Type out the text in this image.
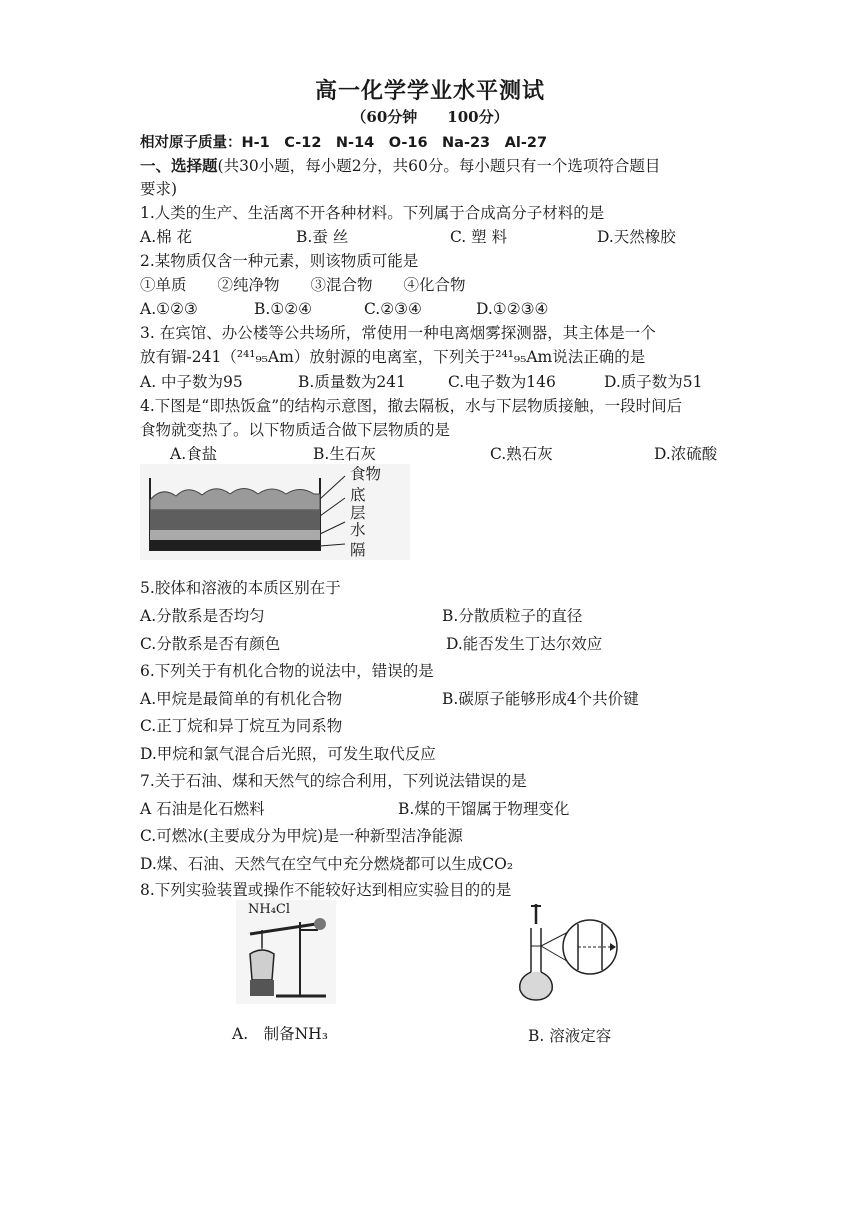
高一化学学业水平测试
（60分钟　　100分）
相对原子质量：H-1　C-12　N-14　O-16　Na-23　Al-27
一、选择题(共30小题，每小题2分，共60分。每小题只有一个选项符合题目
要求)
1.人类的生产、生活离不开各种材料。下列属于合成高分子材料的是
A.棉 花	B.蚕 丝	C. 塑 料	D.天然橡胶
2.某物质仅含一种元素，则该物质可能是
①单质　　②纯净物　　③混合物　　④化合物
A.①②③	B.①②④	C.②③④	D.①②③④
3. 在宾馆、办公楼等公共场所，常使用一种电离烟雾探测器，其主体是一个
放有镅-241（²⁴¹₉₅Am）放射源的电离室，下列关于²⁴¹₉₅Am说法正确的是
A. 中子数为95	B.质量数为241	C.电子数为146	D.质子数为51
4.下图是“即热饭盒”的结构示意图，撤去隔板，水与下层物质接触，一段时间后
食物就变热了。以下物质适合做下层物质的是
A.食盐	B.生石灰	C.熟石灰	D.浓硫酸
食物
底层
水
隔
5.胶体和溶液的本质区别在于
A.分散系是否均匀	B.分散质粒子的直径
C.分散系是否有颜色	D.能否发生丁达尔效应
6.下列关于有机化合物的说法中，错误的是
A.甲烷是最简单的有机化合物	B.碳原子能够形成4个共价键
C.正丁烷和异丁烷互为同系物
D.甲烷和氯气混合后光照，可发生取代反应
7.关于石油、煤和天然气的综合利用，下列说法错误的是
A 石油是化石燃料	B.煤的干馏属于物理变化
C.可燃冰(主要成分为甲烷)是一种新型洁净能源
D.煤、石油、天然气在空气中充分燃烧都可以生成CO₂
8.下列实验装置或操作不能较好达到相应实验目的的是
NH₄Cl
A.　制备NH₃	B. 溶液定容
